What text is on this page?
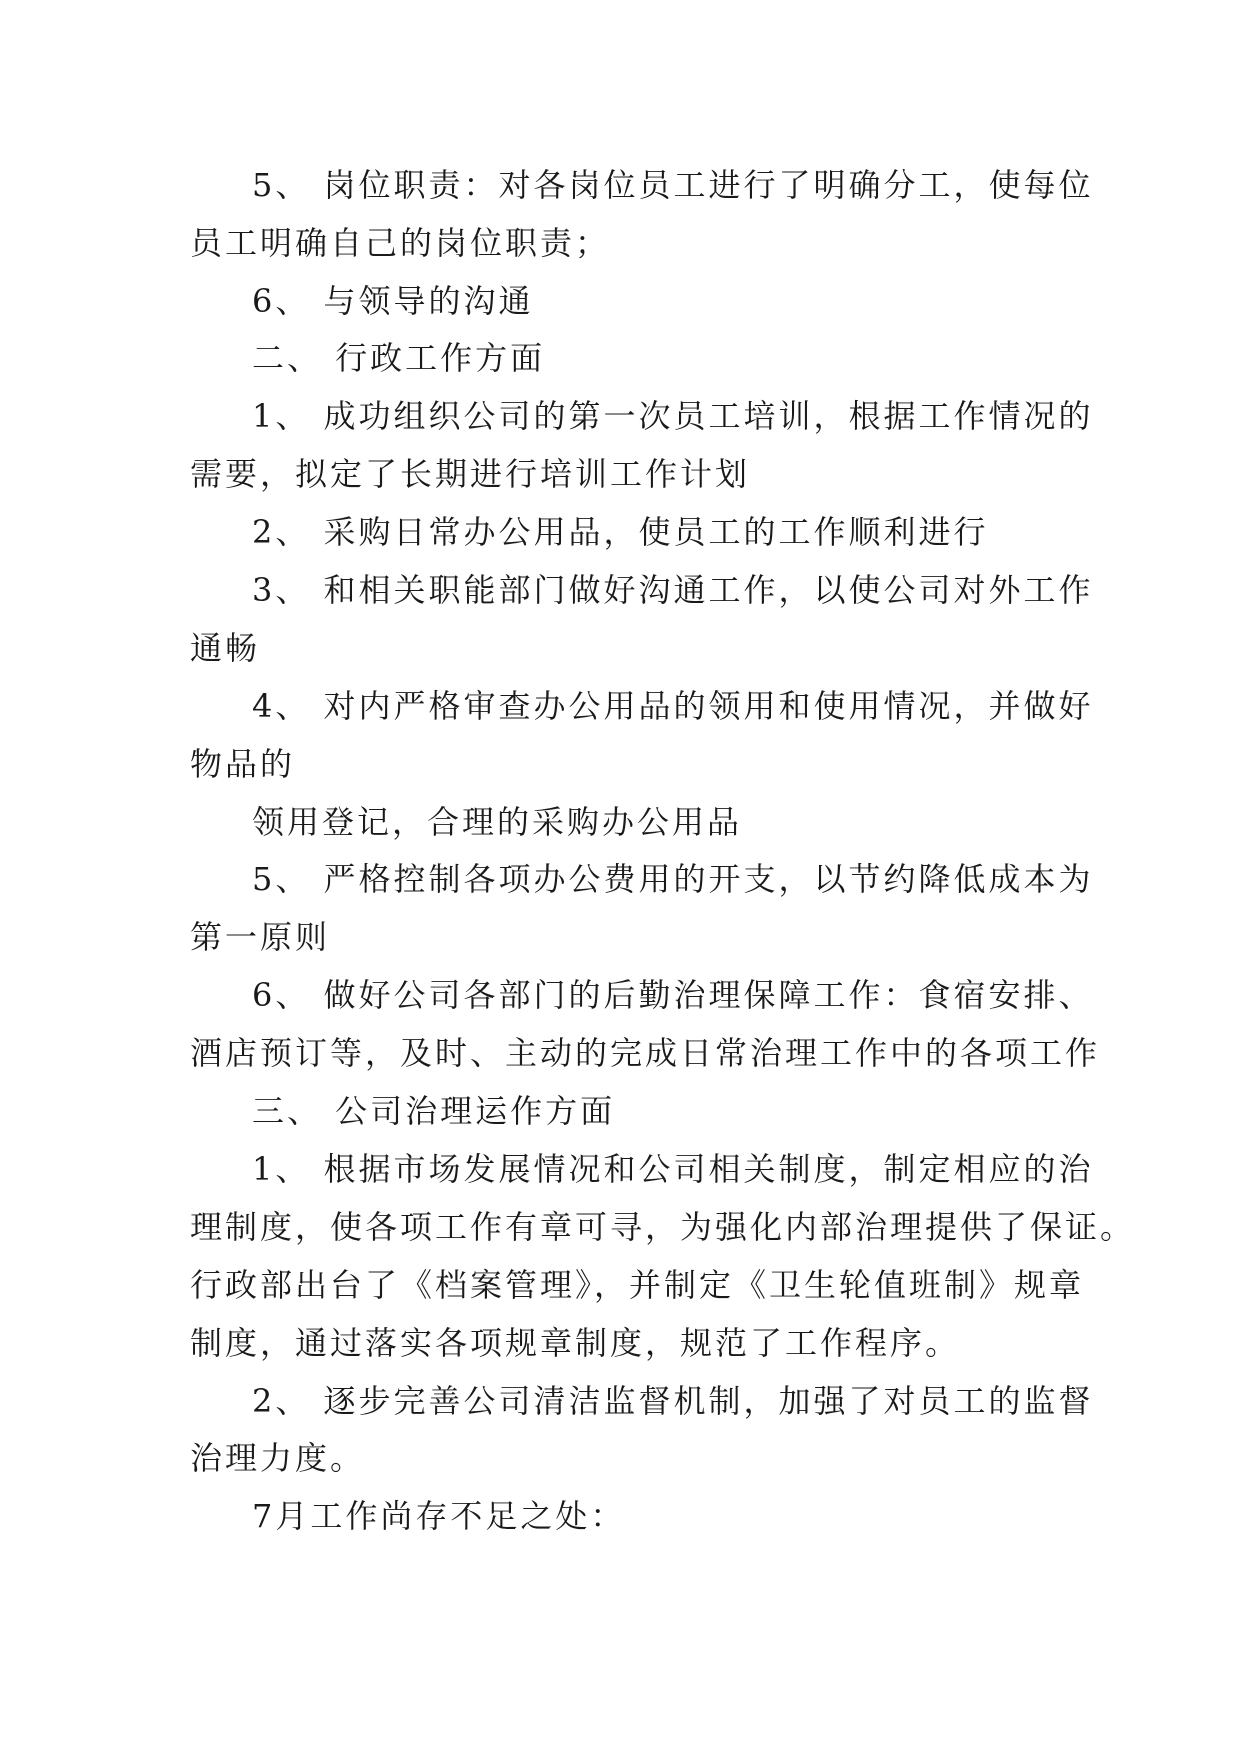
5、 岗位职责：对各岗位员工进行了明确分工，使每位
员工明确自己的岗位职责；
6、 与领导的沟通
二、 行政工作方面
1、 成功组织公司的第一次员工培训，根据工作情况的
需要，拟定了长期进行培训工作计划
2、 采购日常办公用品，使员工的工作顺利进行
3、 和相关职能部门做好沟通工作，以使公司对外工作
通畅
4、 对内严格审查办公用品的领用和使用情况，并做好
物品的
领用登记，合理的采购办公用品
5、 严格控制各项办公费用的开支，以节约降低成本为
第一原则
6、 做好公司各部门的后勤治理保障工作：食宿安排、
酒店预订等，及时、主动的完成日常治理工作中的各项工作
三、 公司治理运作方面
1、 根据市场发展情况和公司相关制度，制定相应的治
理制度，使各项工作有章可寻，为强化内部治理提供了保证。
行政部出台了《档案管理》，并制定《卫生轮值班制》规章
制度，通过落实各项规章制度，规范了工作程序。
2、 逐步完善公司清洁监督机制，加强了对员工的监督
治理力度。
7月工作尚存不足之处：
